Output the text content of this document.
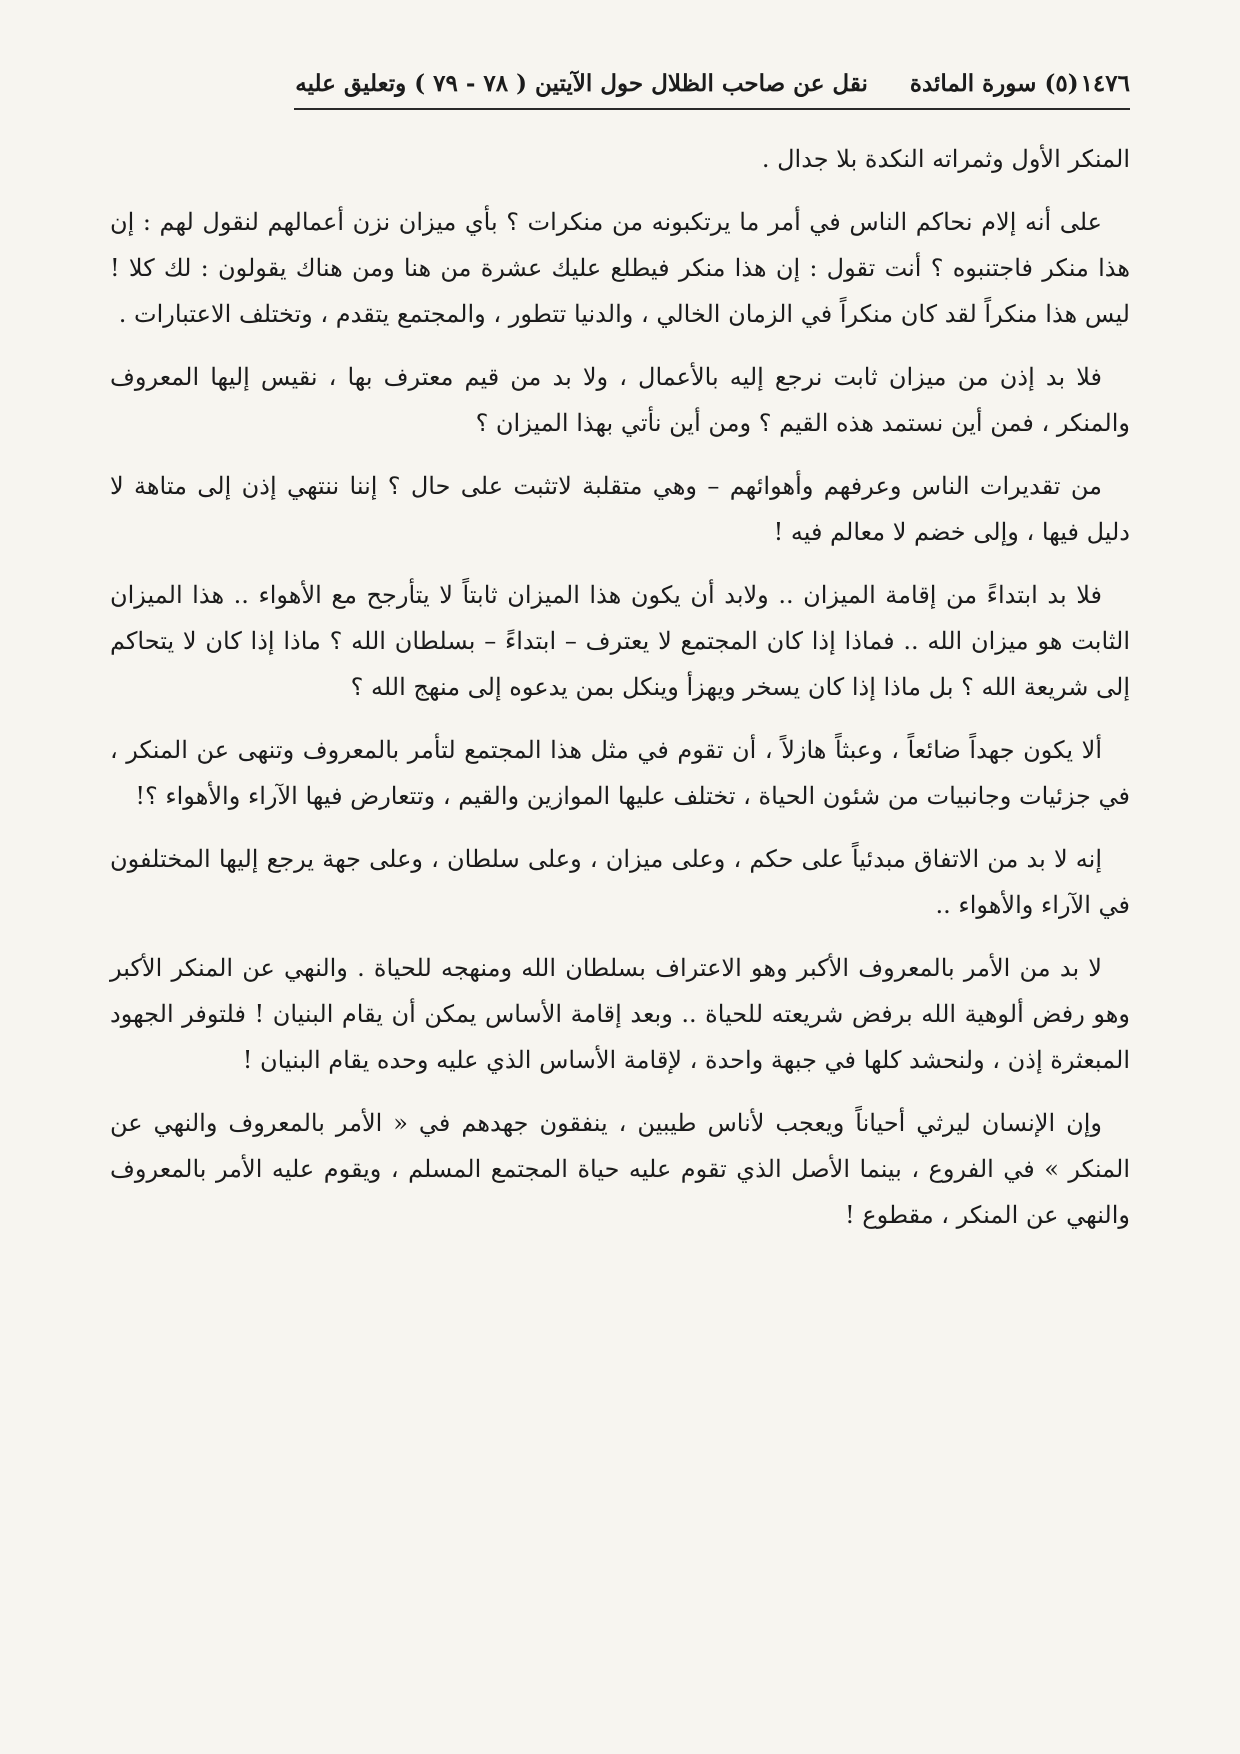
١٤٧٦
(٥) سورة المائدة
نقل عن صاحب الظلال حول الآيتين ( ٧٨ - ٧٩ ) وتعليق عليه

المنكر الأول وثمراته النكدة بلا جدال .

على أنه إلام نحاكم الناس في أمر ما يرتكبونه من منكرات ؟ بأي ميزان نزن أعمالهم لنقول لهم : إن هذا منكر فاجتنبوه ؟ أنت تقول : إن هذا منكر فيطلع عليك عشرة من هنا ومن هناك يقولون : لك كلا ! ليس هذا منكراً لقد كان منكراً في الزمان الخالي ، والدنيا تتطور ، والمجتمع يتقدم ، وتختلف الاعتبارات .

فلا بد إذن من ميزان ثابت نرجع إليه بالأعمال ، ولا بد من قيم معترف بها ، نقيس إليها المعروف والمنكر ، فمن أين نستمد هذه القيم ؟ ومن أين نأتي بهذا الميزان ؟

من تقديرات الناس وعرفهم وأهوائهم – وهي متقلبة لاتثبت على حال ؟ إننا ننتهي إذن إلى متاهة لا دليل فيها ، وإلى خضم لا معالم فيه !

فلا بد ابتداءً من إقامة الميزان .. ولابد أن يكون هذا الميزان ثابتاً لا يتأرجح مع الأهواء .. هذا الميزان الثابت هو ميزان الله .. فماذا إذا كان المجتمع لا يعترف – ابتداءً – بسلطان الله ؟ ماذا إذا كان لا يتحاكم إلى شريعة الله ؟ بل ماذا إذا كان يسخر ويهزأ وينكل بمن يدعوه إلى منهج الله ؟

ألا يكون جهداً ضائعاً ، وعبثاً هازلاً ، أن تقوم في مثل هذا المجتمع لتأمر بالمعروف وتنهى عن المنكر ، في جزئيات وجانبيات من شئون الحياة ، تختلف عليها الموازين والقيم ، وتتعارض فيها الآراء والأهواء ؟!

إنه لا بد من الاتفاق مبدئياً على حكم ، وعلى ميزان ، وعلى سلطان ، وعلى جهة يرجع إليها المختلفون في الآراء والأهواء ..

لا بد من الأمر بالمعروف الأكبر وهو الاعتراف بسلطان الله ومنهجه للحياة . والنهي عن المنكر الأكبر وهو رفض ألوهية الله برفض شريعته للحياة .. وبعد إقامة الأساس يمكن أن يقام البنيان ! فلتوفر الجهود المبعثرة إذن ، ولنحشد كلها في جبهة واحدة ، لإقامة الأساس الذي عليه وحده يقام البنيان !

وإن الإنسان ليرثي أحياناً ويعجب لأناس طيبين ، ينفقون جهدهم في « الأمر بالمعروف والنهي عن المنكر » في الفروع ، بينما الأصل الذي تقوم عليه حياة المجتمع المسلم ، ويقوم عليه الأمر بالمعروف والنهي عن المنكر ، مقطوع !
